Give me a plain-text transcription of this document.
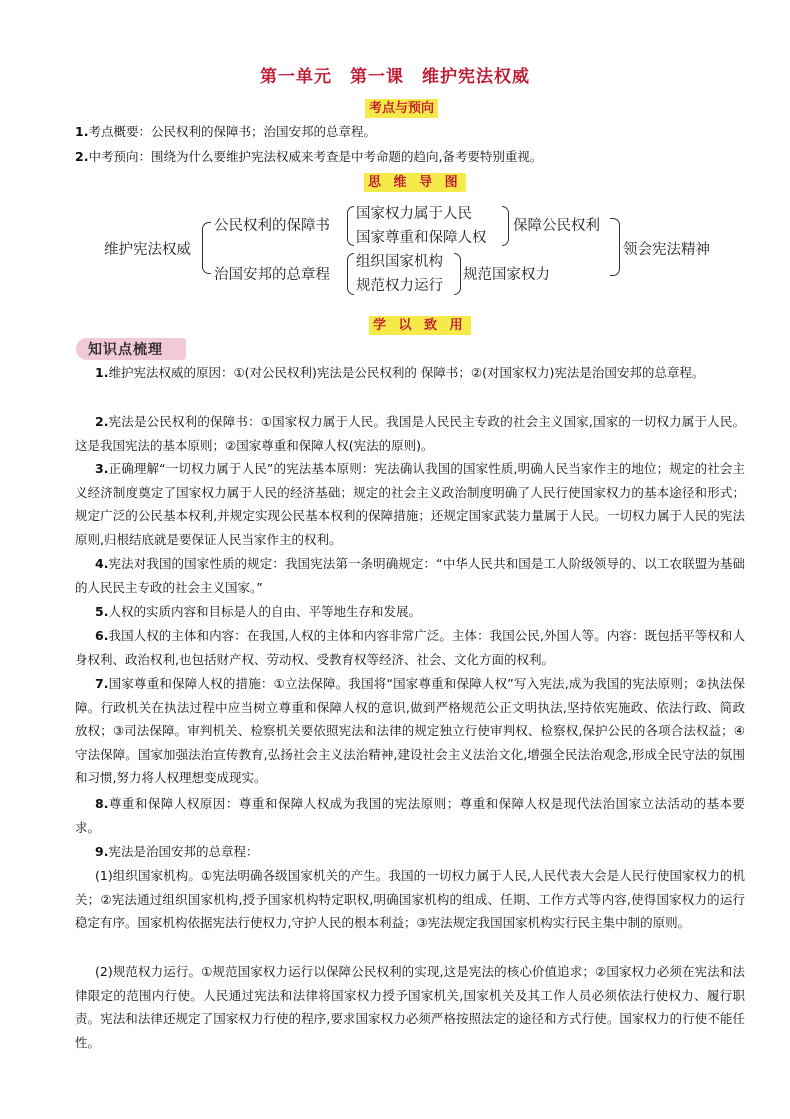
第一单元　第一课　维护宪法权威
考点与预向
1.考点概要：公民权利的保障书；治国安邦的总章程。
2.中考预向：围绕为什么要维护宪法权威来考查是中考命题的趋向,备考要特别重视。
思 维 导 图
维护宪法权威
公民权利的保障书
国家权力属于人民
国家尊重和保障人权
保障公民权利
治国安邦的总章程
组织国家机构
规范权力运行
规范国家权力
领会宪法精神
学 以 致 用
知识点梳理
1.维护宪法权威的原因：①(对公民权利)宪法是公民权利的 保障书；②(对国家权力)宪法是治国安邦的总章程。
2.宪法是公民权利的保障书：①国家权力属于人民。我国是人民民主专政的社会主义国家,国家的一切权力属于人民。这是我国宪法的基本原则；②国家尊重和保障人权(宪法的原则)。
3.正确理解“一切权力属于人民”的宪法基本原则：宪法确认我国的国家性质,明确人民当家作主的地位；规定的社会主义经济制度奠定了国家权力属于人民的经济基础；规定的社会主义政治制度明确了人民行使国家权力的基本途径和形式；规定广泛的公民基本权利,并规定实现公民基本权利的保障措施；还规定国家武装力量属于人民。一切权力属于人民的宪法原则,归根结底就是要保证人民当家作主的权利。
4.宪法对我国的国家性质的规定：我国宪法第一条明确规定：“中华人民共和国是工人阶级领导的、以工农联盟为基础的人民民主专政的社会主义国家。”
5.人权的实质内容和目标是人的自由、平等地生存和发展。
6.我国人权的主体和内容：在我国,人权的主体和内容非常广泛。主体：我国公民,外国人等。内容：既包括平等权和人身权利、政治权利,也包括财产权、劳动权、受教育权等经济、社会、文化方面的权利。
7.国家尊重和保障人权的措施：①立法保障。我国将“国家尊重和保障人权”写入宪法,成为我国的宪法原则；②执法保障。行政机关在执法过程中应当树立尊重和保障人权的意识,做到严格规范公正文明执法,坚持依宪施政、依法行政、简政放权；③司法保障。审判机关、检察机关要依照宪法和法律的规定独立行使审判权、检察权,保护公民的各项合法权益；④守法保障。国家加强法治宣传教育,弘扬社会主义法治精神,建设社会主义法治文化,增强全民法治观念,形成全民守法的氛围和习惯,努力将人权理想变成现实。
8.尊重和保障人权原因：尊重和保障人权成为我国的宪法原则；尊重和保障人权是现代法治国家立法活动的基本要求。
9.宪法是治国安邦的总章程：
(1)组织国家机构。①宪法明确各级国家机关的产生。我国的一切权力属于人民,人民代表大会是人民行使国家权力的机关；②宪法通过组织国家机构,授予国家机构特定职权,明确国家机构的组成、任期、工作方式等内容,使得国家权力的运行稳定有序。国家机构依据宪法行使权力,守护人民的根本利益；③宪法规定我国国家机构实行民主集中制的原则。
(2)规范权力运行。①规范国家权力运行以保障公民权利的实现,这是宪法的核心价值追求；②国家权力必须在宪法和法律限定的范围内行使。人民通过宪法和法律将国家权力授予国家机关,国家机关及其工作人员必须依法行使权力、履行职责。宪法和法律还规定了国家权力行使的程序,要求国家权力必须严格按照法定的途径和方式行使。国家权力的行使不能任性。
